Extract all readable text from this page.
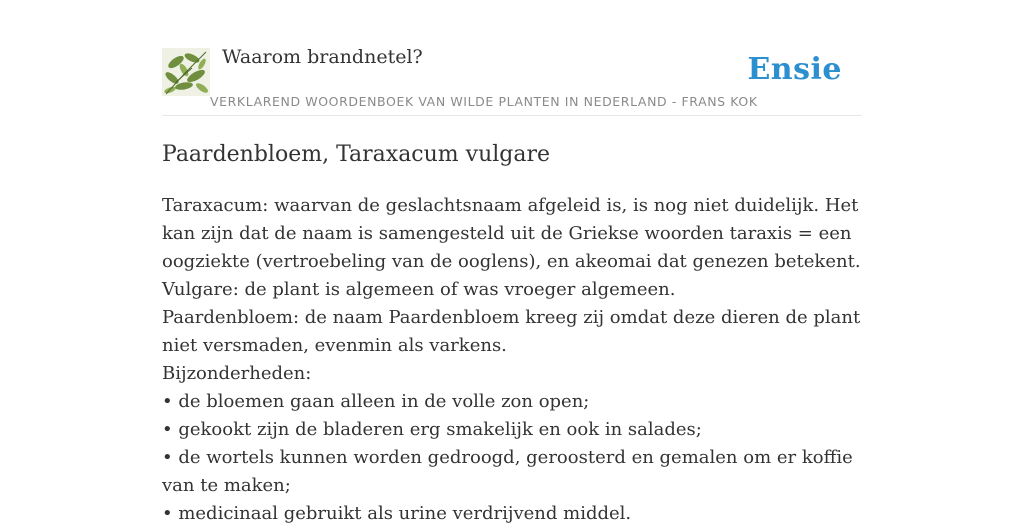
Waarom brandnetel?	Ensie
VERKLAREND WOORDENBOEK VAN WILDE PLANTEN IN NEDERLAND - FRANS KOK
Paardenbloem, Taraxacum vulgare

Taraxacum: waarvan de geslachtsnaam afgeleid is, is nog niet duidelijk. Het kan zijn dat de naam is samengesteld uit de Griekse woorden taraxis = een oogziekte (vertroebeling van de ooglens), en akeomai dat genezen betekent.

Vulgare: de plant is algemeen of was vroeger algemeen.

Paardenbloem: de naam Paardenbloem kreeg zij omdat deze dieren de plant niet versmaden, evenmin als varkens.

Bijzonderheden:

• de bloemen gaan alleen in de volle zon open;

• gekookt zijn de bladeren erg smakelijk en ook in salades;

• de wortels kunnen worden gedroogd, geroosterd en gemalen om er koffie van te maken;

• medicinaal gebruikt als urine verdrijvend middel.
